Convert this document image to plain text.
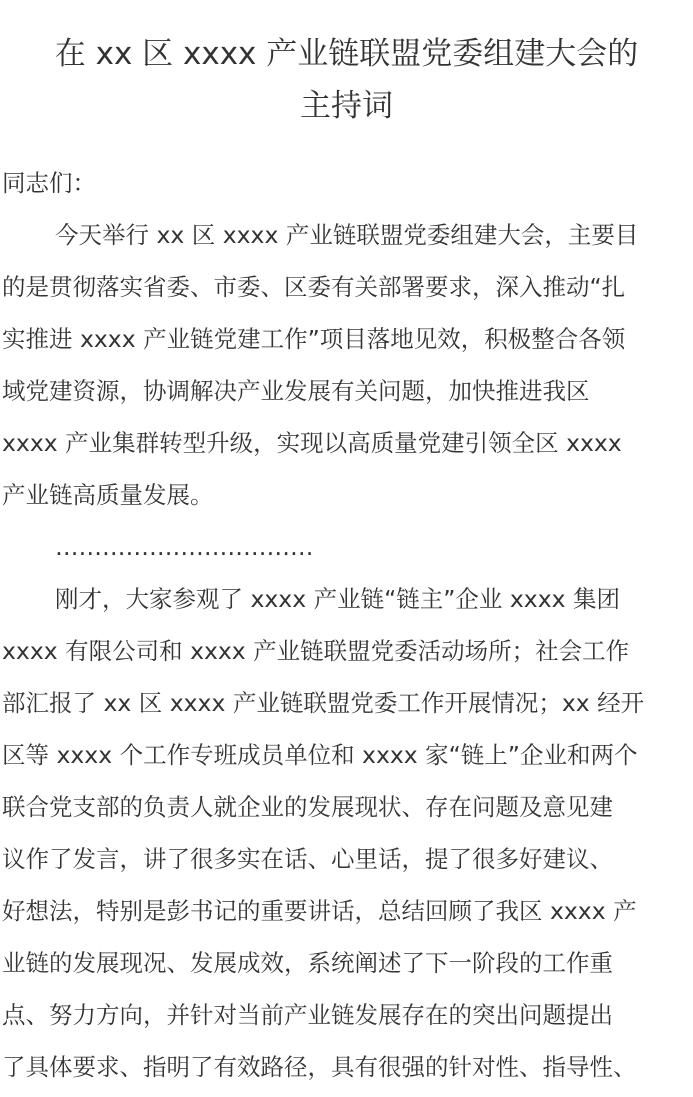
在 xx 区 xxxx 产业链联盟党委组建大会的
主持词
同志们：
今天举行 xx 区 xxxx 产业链联盟党委组建大会，主要目
的是贯彻落实省委、市委、区委有关部署要求，深入推动“扎
实推进 xxxx 产业链党建工作”项目落地见效，积极整合各领
域党建资源，协调解决产业发展有关问题，加快推进我区
xxxx 产业集群转型升级，实现以高质量党建引领全区 xxxx
产业链高质量发展。
……………………………
刚才，大家参观了 xxxx 产业链“链主”企业 xxxx 集团
xxxx 有限公司和 xxxx 产业链联盟党委活动场所；社会工作
部汇报了 xx 区 xxxx 产业链联盟党委工作开展情况；xx 经开
区等 xxxx 个工作专班成员单位和 xxxx 家“链上”企业和两个
联合党支部的负责人就企业的发展现状、存在问题及意见建
议作了发言，讲了很多实在话、心里话，提了很多好建议、
好想法，特别是彭书记的重要讲话，总结回顾了我区 xxxx 产
业链的发展现况、发展成效，系统阐述了下一阶段的工作重
点、努力方向，并针对当前产业链发展存在的突出问题提出
了具体要求、指明了有效路径，具有很强的针对性、指导性、
